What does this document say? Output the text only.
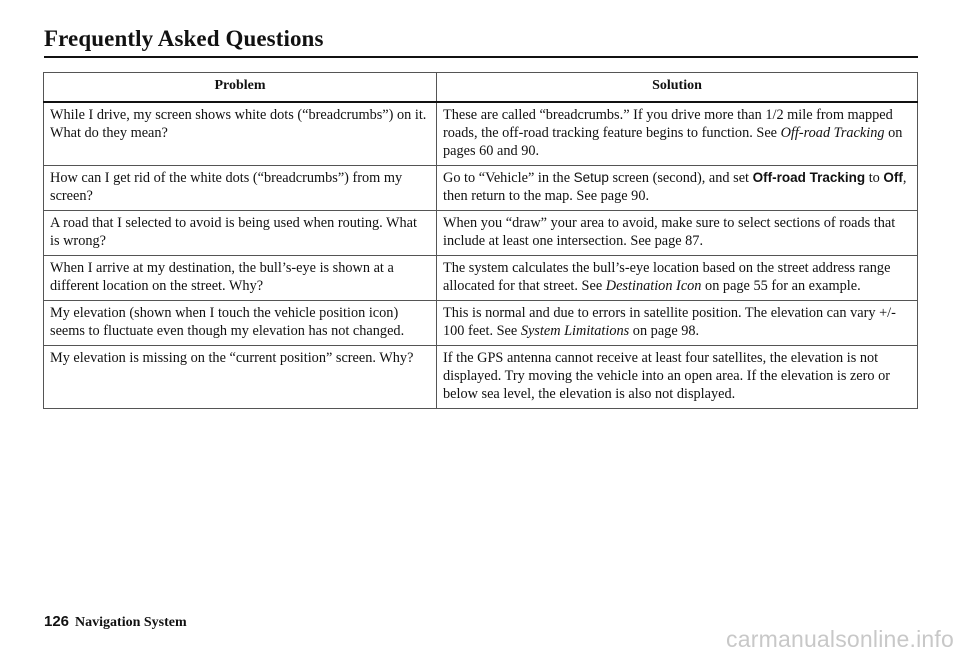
Frequently Asked Questions
Problem	Solution
While I drive, my screen shows white dots (“breadcrumbs”) on it. What do they mean?	These are called “breadcrumbs.” If you drive more than 1/2 mile from mapped roads, the off-road tracking feature begins to function. See Off-road Tracking on pages 60 and 90.
How can I get rid of the white dots (“breadcrumbs”) from my screen?	Go to “Vehicle” in the Setup screen (second), and set Off-road Tracking to Off, then return to the map. See page 90.
A road that I selected to avoid is being used when routing. What is wrong?	When you “draw” your area to avoid, make sure to select sections of roads that include at least one intersection. See page 87.
When I arrive at my destination, the bull’s-eye is shown at a different location on the street. Why?	The system calculates the bull’s-eye location based on the street address range allocated for that street. See Destination Icon on page 55 for an example.
My elevation (shown when I touch the vehicle position icon) seems to fluctuate even though my elevation has not changed.	This is normal and due to errors in satellite position. The elevation can vary +/- 100 feet. See System Limitations on page 98.
My elevation is missing on the “current position” screen. Why?	If the GPS antenna cannot receive at least four satellites, the elevation is not displayed. Try moving the vehicle into an open area. If the elevation is zero or below sea level, the elevation is also not displayed.
126 Navigation System
carmanualsonline.info
